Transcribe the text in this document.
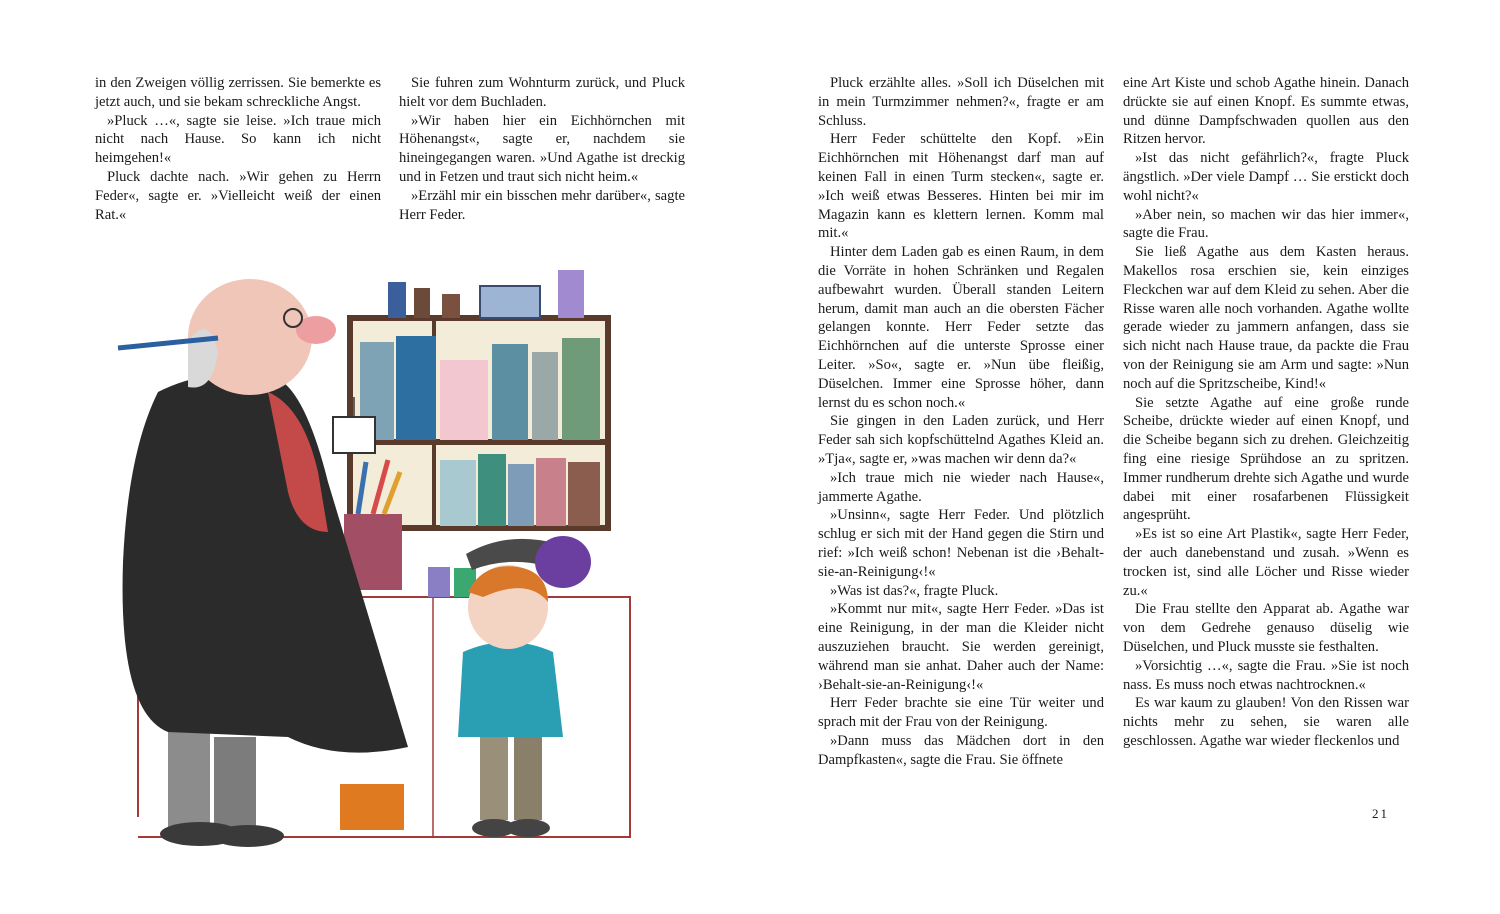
in den Zweigen völlig zerrissen. Sie bemerkte es jetzt auch, und sie bekam schreckliche Angst.

»Pluck …«, sagte sie leise. »Ich traue mich nicht nach Hause. So kann ich nicht heimgehen!«

Pluck dachte nach. »Wir gehen zu Herrn Feder«, sagte er. »Vielleicht weiß der einen Rat.«

Sie fuhren zum Wohnturm zurück, und Pluck hielt vor dem Buchladen.

»Wir haben hier ein Eichhörnchen mit Höhenangst«, sagte er, nachdem sie hineingegangen waren. »Und Agathe ist dreckig und in Fetzen und traut sich nicht heim.«

»Erzähl mir ein bisschen mehr darüber«, sagte Herr Feder.

Pluck erzählte alles. »Soll ich Düselchen mit in mein Turmzimmer nehmen?«, fragte er am Schluss.

Herr Feder schüttelte den Kopf. »Ein Eichhörnchen mit Höhenangst darf man auf keinen Fall in einen Turm stecken«, sagte er. »Ich weiß etwas Besseres. Hinten bei mir im Magazin kann es klettern lernen. Komm mal mit.«

Hinter dem Laden gab es einen Raum, in dem die Vorräte in hohen Schränken und Regalen aufbewahrt wurden. Überall standen Leitern herum, damit man auch an die obersten Fächer gelangen konnte. Herr Feder setzte das Eichhörnchen auf die unterste Sprosse einer Leiter. »So«, sagte er. »Nun übe fleißig, Düselchen. Immer eine Sprosse höher, dann lernst du es schon noch.«

Sie gingen in den Laden zurück, und Herr Feder sah sich kopfschüttelnd Agathes Kleid an. »Tja«, sagte er, »was machen wir denn da?«

»Ich traue mich nie wieder nach Hause«, jammerte Agathe.

»Unsinn«, sagte Herr Feder. Und plötzlich schlug er sich mit der Hand gegen die Stirn und rief: »Ich weiß schon! Nebenan ist die ›Behalt-sie-an-Reinigung‹!«

»Was ist das?«, fragte Pluck.

»Kommt nur mit«, sagte Herr Feder. »Das ist eine Reinigung, in der man die Kleider nicht auszuziehen braucht. Sie werden gereinigt, während man sie anhat. Daher auch der Name: ›Behalt-sie-an-Reinigung‹!«

Herr Feder brachte sie eine Tür weiter und sprach mit der Frau von der Reinigung.

»Dann muss das Mädchen dort in den Dampfkasten«, sagte die Frau. Sie öffnete

eine Art Kiste und schob Agathe hinein. Danach drückte sie auf einen Knopf. Es summte etwas, und dünne Dampfschwaden quollen aus den Ritzen hervor.

»Ist das nicht gefährlich?«, fragte Pluck ängstlich. »Der viele Dampf … Sie erstickt doch wohl nicht?«

»Aber nein, so machen wir das hier immer«, sagte die Frau.

Sie ließ Agathe aus dem Kasten heraus. Makellos rosa erschien sie, kein einziges Fleckchen war auf dem Kleid zu sehen. Aber die Risse waren alle noch vorhanden. Agathe wollte gerade wieder zu jammern anfangen, dass sie sich nicht nach Hause traue, da packte die Frau von der Reinigung sie am Arm und sagte: »Nun noch auf die Spritzscheibe, Kind!«

Sie setzte Agathe auf eine große runde Scheibe, drückte wieder auf einen Knopf, und die Scheibe begann sich zu drehen. Gleichzeitig fing eine riesige Sprühdose an zu spritzen. Immer rundherum drehte sich Agathe und wurde dabei mit einer rosafarbenen Flüssigkeit angesprüht.

»Es ist so eine Art Plastik«, sagte Herr Feder, der auch danebenstand und zusah. »Wenn es trocken ist, sind alle Löcher und Risse wieder zu.«

Die Frau stellte den Apparat ab. Agathe war von dem Gedrehe genauso düselig wie Düselchen, und Pluck musste sie festhalten.

»Vorsichtig …«, sagte die Frau. »Sie ist noch nass. Es muss noch etwas nachtrocknen.«

Es war kaum zu glauben! Von den Rissen war nichts mehr zu sehen, sie waren alle geschlossen. Agathe war wieder fleckenlos und

21
